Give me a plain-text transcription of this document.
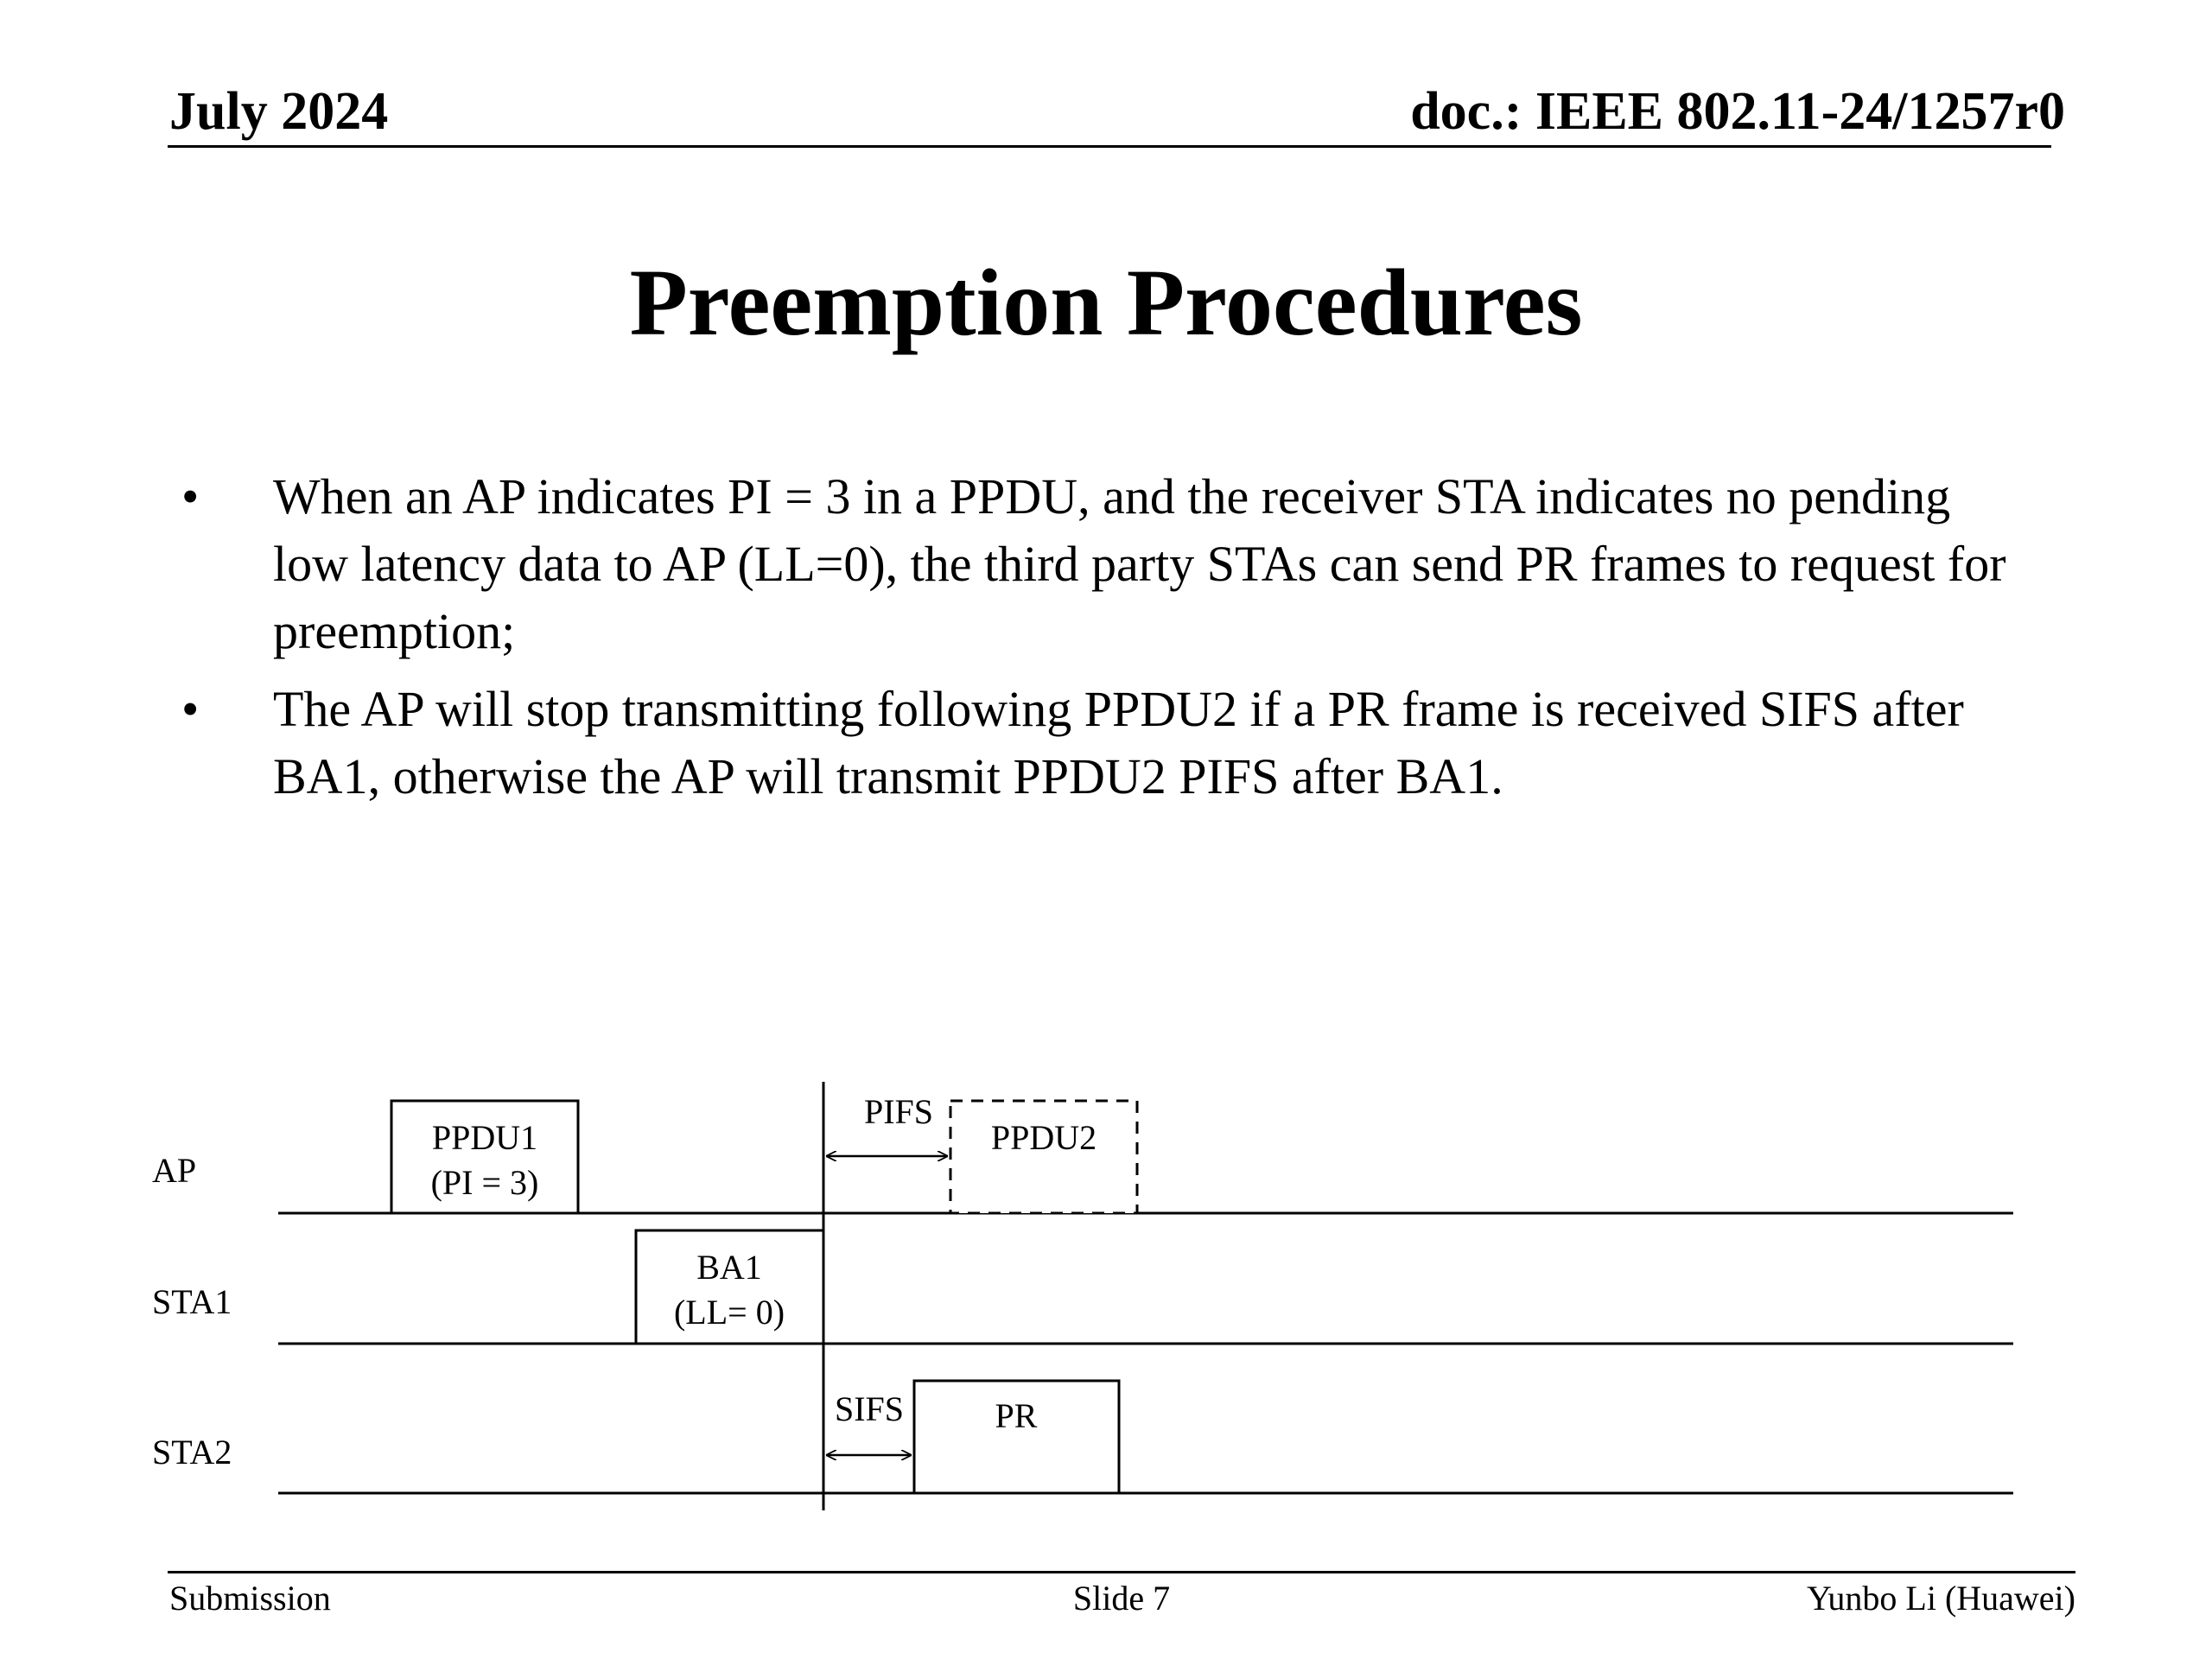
July 2024	doc.: IEEE 802.11-24/1257r0
Preemption Procedures
• When an AP indicates PI = 3 in a PPDU, and the receiver STA indicates no pending low latency data to AP (LL=0), the third party STAs can send PR frames to request for preemption;
• The AP will stop transmitting following PPDU2 if a PR frame is received SIFS after BA1, otherwise the AP will transmit PPDU2 PIFS after BA1.
AP
STA1
STA2
PPDU1
(PI = 3)
PPDU2
BA1
(LL= 0)
PR
PIFS
SIFS
Submission	Slide 7	Yunbo Li (Huawei)
